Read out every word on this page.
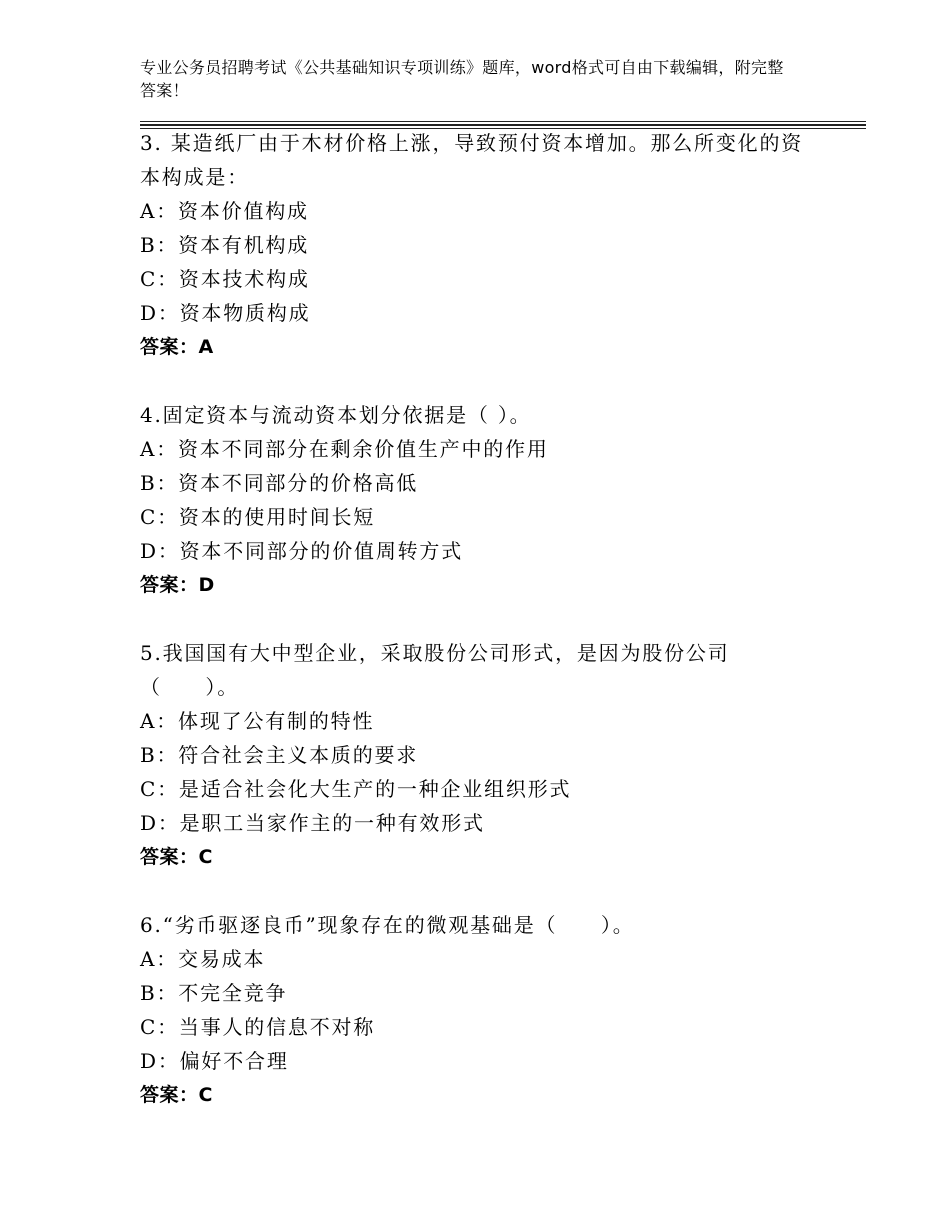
专业公务员招聘考试《公共基础知识专项训练》题库，word格式可自由下载编辑，附完整答案！
3. 某造纸厂由于木材价格上涨，导致预付资本增加。那么所变化的资本构成是：
A：资本价值构成
B：资本有机构成
C：资本技术构成
D：资本物质构成
答案：A
4.固定资本与流动资本划分依据是（ ）。
A：资本不同部分在剩余价值生产中的作用
B：资本不同部分的价格高低
C：资本的使用时间长短
D：资本不同部分的价值周转方式
答案：D
5.我国国有大中型企业，采取股份公司形式，是因为股份公司（　　）。
A：体现了公有制的特性
B：符合社会主义本质的要求
C：是适合社会化大生产的一种企业组织形式
D：是职工当家作主的一种有效形式
答案：C
6.“劣币驱逐良币”现象存在的微观基础是（　　）。
A：交易成本
B：不完全竞争
C：当事人的信息不对称
D：偏好不合理
答案：C
